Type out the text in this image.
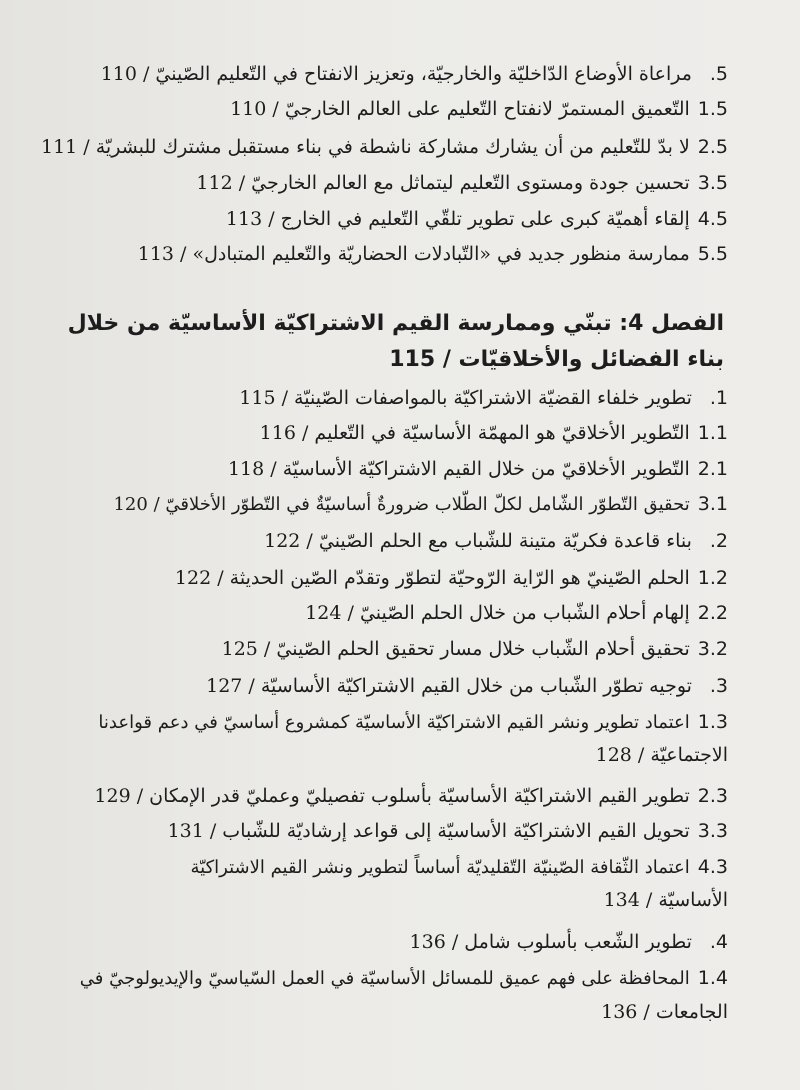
5. مراعاة الأوضاع الدّاخليّة والخارجيّة، وتعزيز الانفتاح في التّعليم الصّينيّ / 110
1.5التّعميق المستمرّ لانفتاح التّعليم على العالم الخارجيّ / 110
2.5لا بدّ للتّعليم من أن يشارك مشاركة ناشطة في بناء مستقبل مشترك للبشريّة / 111
3.5تحسين جودة ومستوى التّعليم ليتماثل مع العالم الخارجيّ / 112
4.5إلقاء أهميّة كبرى على تطوير تلقّي التّعليم في الخارج / 113
5.5ممارسة منظور جديد في «التّبادلات الحضاريّة والتّعليم المتبادل» / 113
الفصل 4: تبنّي وممارسة القيم الاشتراكيّة الأساسيّة من خلال
بناء الفضائل والأخلاقيّات / 115
1. تطوير خلفاء القضيّة الاشتراكيّة بالمواصفات الصّينيّة / 115
1.1التّطوير الأخلاقيّ هو المهمّة الأساسيّة في التّعليم / 116
2.1التّطوير الأخلاقيّ من خلال القيم الاشتراكيّة الأساسيّة / 118
3.1تحقيق التّطوّر الشّامل لكلّ الطّلاب ضرورةٌ أساسيّةٌ في التّطوّر الأخلاقيّ / 120
2. بناء قاعدة فكريّة متينة للشّباب مع الحلم الصّينيّ / 122
1.2الحلم الصّينيّ هو الرّاية الرّوحيّة لتطوّر وتقدّم الصّين الحديثة / 122
2.2إلهام أحلام الشّباب من خلال الحلم الصّينيّ / 124
3.2تحقيق أحلام الشّباب خلال مسار تحقيق الحلم الصّينيّ / 125
3. توجيه تطوّر الشّباب من خلال القيم الاشتراكيّة الأساسيّة / 127
1.3اعتماد تطوير ونشر القيم الاشتراكيّة الأساسيّة كمشروع أساسيّ في دعم قواعدنا
الاجتماعيّة / 128
2.3تطوير القيم الاشتراكيّة الأساسيّة بأسلوب تفصيليّ وعمليّ قدر الإمكان / 129
3.3تحويل القيم الاشتراكيّة الأساسيّة إلى قواعد إرشاديّة للشّباب / 131
4.3اعتماد الثّقافة الصّينيّة التّقليديّة أساساً لتطوير ونشر القيم الاشتراكيّة
الأساسيّة / 134
4. تطوير الشّعب بأسلوب شامل / 136
1.4المحافظة على فهم عميق للمسائل الأساسيّة في العمل السّياسيّ والإيديولوجيّ في
الجامعات / 136
